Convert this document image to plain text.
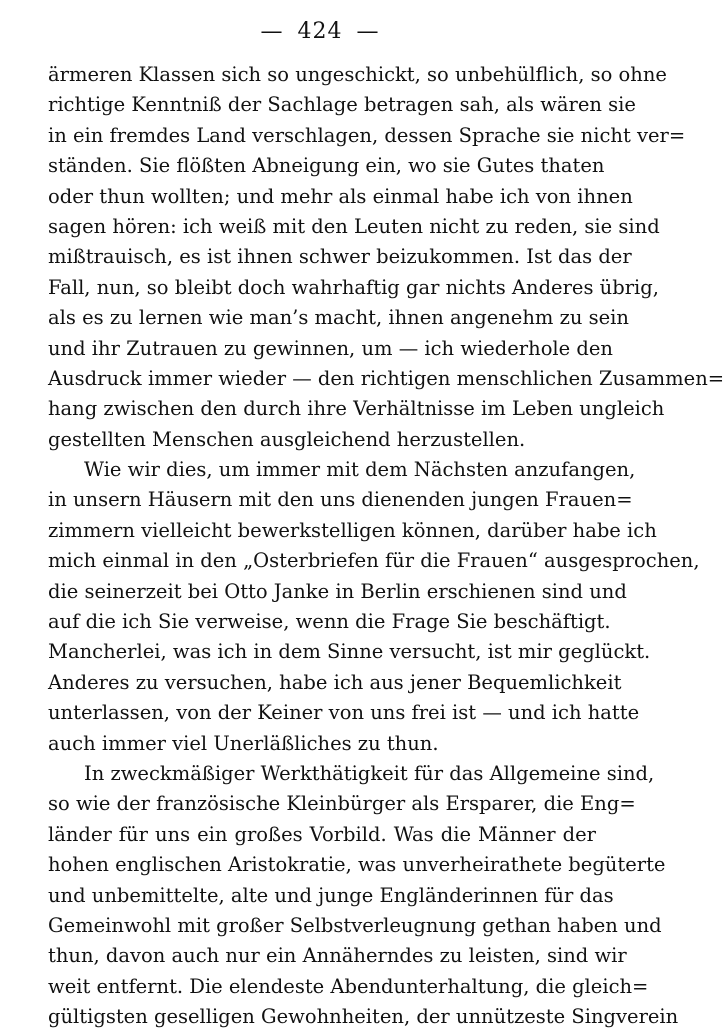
— 424 —
ärmeren Klassen sich so ungeschickt, so unbehülflich, so ohne
richtige Kenntniß der Sachlage betragen sah, als wären sie
in ein fremdes Land verschlagen, dessen Sprache sie nicht ver=
ständen. Sie flößten Abneigung ein, wo sie Gutes thaten
oder thun wollten; und mehr als einmal habe ich von ihnen
sagen hören: ich weiß mit den Leuten nicht zu reden, sie sind
mißtrauisch, es ist ihnen schwer beizukommen. Ist das der
Fall, nun, so bleibt doch wahrhaftig gar nichts Anderes übrig,
als es zu lernen wie man’s macht, ihnen angenehm zu sein
und ihr Zutrauen zu gewinnen, um — ich wiederhole den
Ausdruck immer wieder — den richtigen menschlichen Zusammen=
hang zwischen den durch ihre Verhältnisse im Leben ungleich
gestellten Menschen ausgleichend herzustellen.
Wie wir dies, um immer mit dem Nächsten anzufangen,
in unsern Häusern mit den uns dienenden jungen Frauen=
zimmern vielleicht bewerkstelligen können, darüber habe ich
mich einmal in den „Osterbriefen für die Frauen“ ausgesprochen,
die seinerzeit bei Otto Janke in Berlin erschienen sind und
auf die ich Sie verweise, wenn die Frage Sie beschäftigt.
Mancherlei, was ich in dem Sinne versucht, ist mir geglückt.
Anderes zu versuchen, habe ich aus jener Bequemlichkeit
unterlassen, von der Keiner von uns frei ist — und ich hatte
auch immer viel Unerläßliches zu thun.
In zweckmäßiger Werkthätigkeit für das Allgemeine sind,
so wie der französische Kleinbürger als Ersparer, die Eng=
länder für uns ein großes Vorbild. Was die Männer der
hohen englischen Aristokratie, was unverheirathete begüterte
und unbemittelte, alte und junge Engländerinnen für das
Gemeinwohl mit großer Selbstverleugnung gethan haben und
thun, davon auch nur ein Annäherndes zu leisten, sind wir
weit entfernt. Die elendeste Abendunterhaltung, die gleich=
gültigsten geselligen Gewohnheiten, der unnützeste Singverein
